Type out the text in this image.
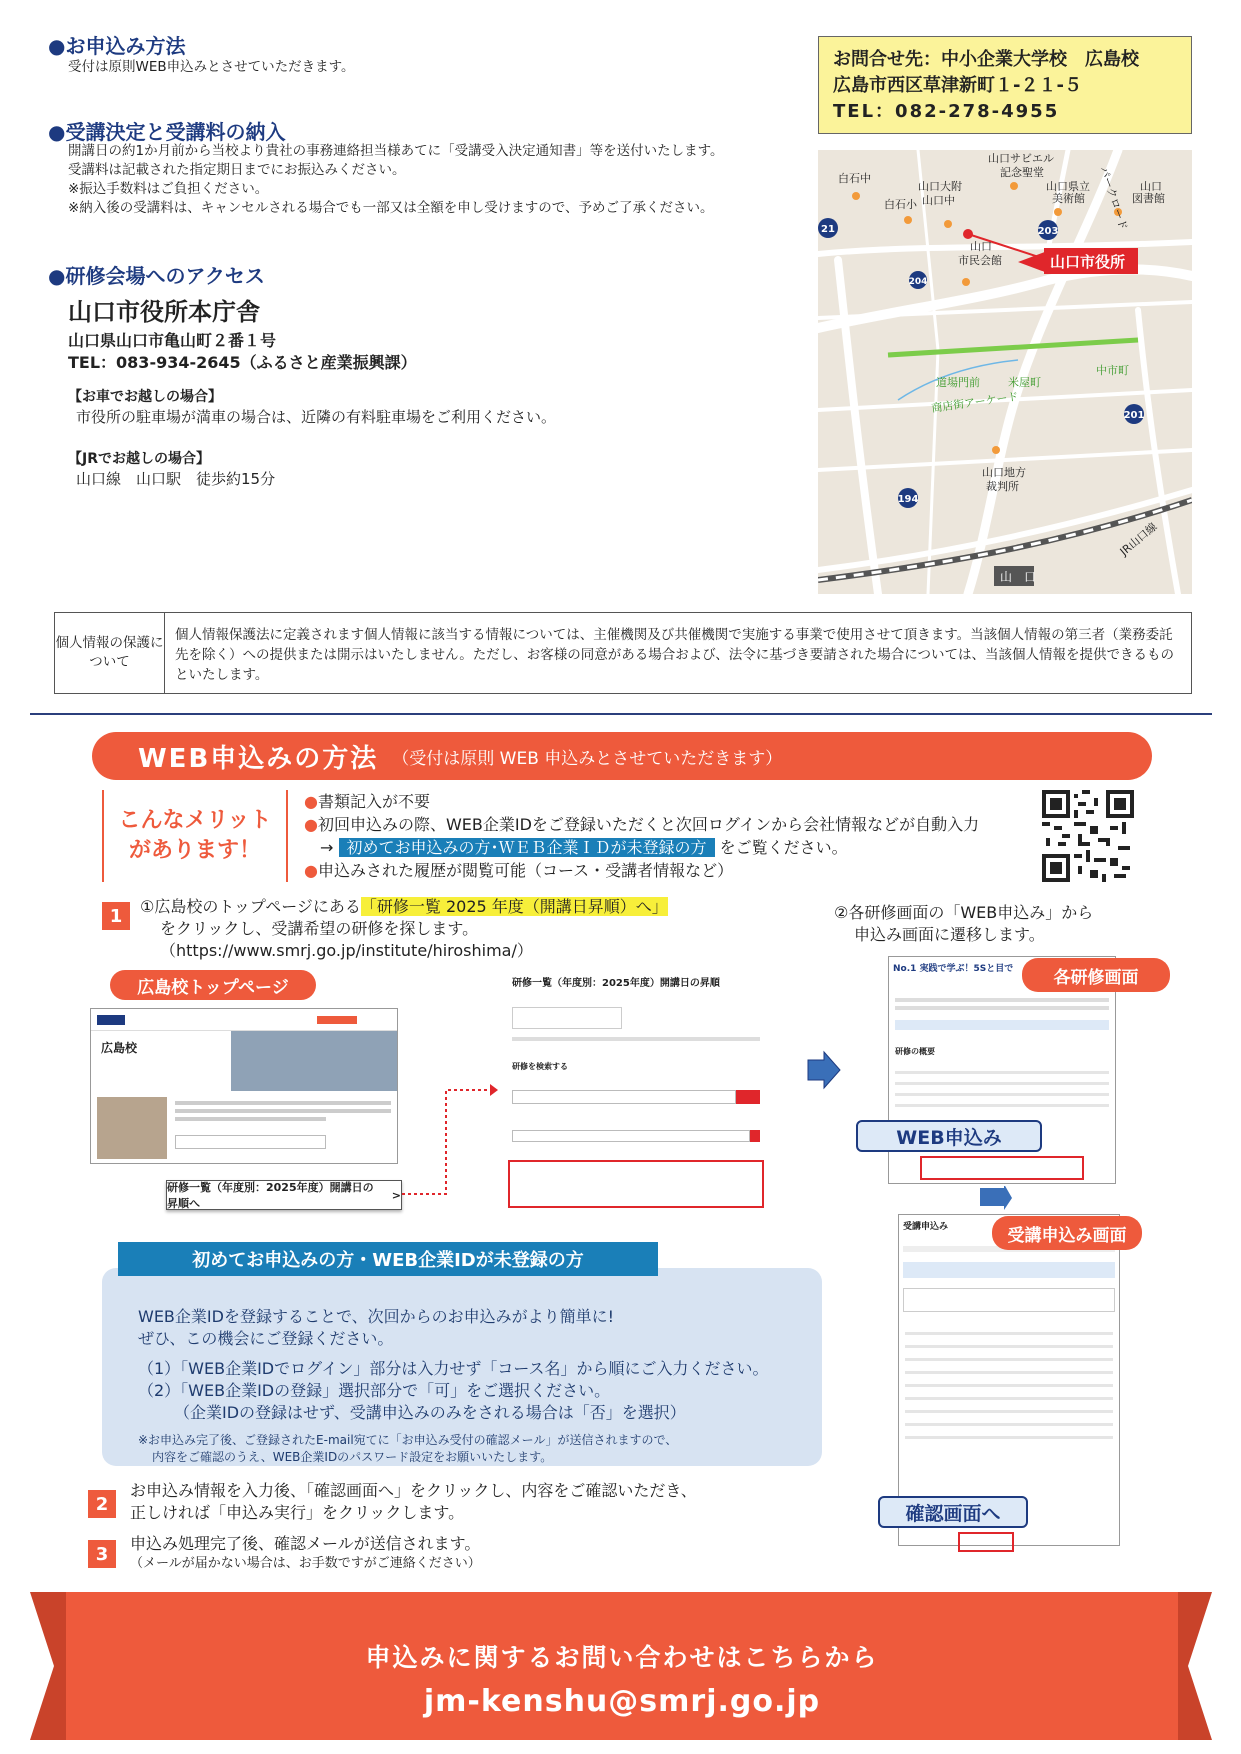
●お申込み方法
受付は原則WEB申込みとさせていただきます。
●受講決定と受講料の納入
開講日の約1か月前から当校より貴社の事務連絡担当様あてに「受講受入決定通知書」等を送付いたします。
受講料は記載された指定期日までにお振込みください。
※振込手数料はご負担ください。
※納入後の受講料は、キャンセルされる場合でも一部又は全額を申し受けますので、予めご了承ください。
●研修会場へのアクセス
山口市役所本庁舎
山口県山口市亀山町２番１号
TEL：083-934-2645（ふるさと産業振興課）
【お車でお越しの場合】
市役所の駐車場が満車の場合は、近隣の有料駐車場をご利用ください。
【JRでお越しの場合】
山口線　山口駅　徒歩約15分
お問合せ先：中小企業大学校　広島校
広島市西区草津新町１-２１-５
TEL：082-278-4955
白石中
白石小
山口大附
山口中
山口サビエル
記念聖堂
山口県立
美術館
山口
図書館
パークロード
山口
市民会館
米屋町
中市町
道場門前
商店街アーケード
山口地方
裁判所
JR山口線
山　口
山口市役所
21	203
204
201
194
個人情報の保護について
個人情報保護法に定義されます個人情報に該当する情報については、主催機関及び共催機関で実施する事業で使用させて頂きます。当該個人情報の第三者（業務委託先を除く）への提供または開示はいたしません。ただし、お客様の同意がある場合および、法令に基づき要請された場合については、当該個人情報を提供できるものといたします。
WEB申込みの方法 （受付は原則 WEB 申込みとさせていただきます）
こんなメリットがあります！
●書類記入が不要
●初回申込みの際、WEB企業IDをご登録いただくと次回ログインから会社情報などが自動入力
→ 初めてお申込みの方･ＷＥＢ企業ＩＤが未登録の方 をご覧ください。
●申込みされた履歴が閲覧可能（コース・受講者情報など）
1	①広島校のトップページにある「研修一覧 2025 年度（開講日昇順）へ」
をクリックし、受講希望の研修を探します。
（https://www.smrj.go.jp/institute/hiroshima/）
②各研修画面の「WEB申込み」から
申込み画面に遷移します。
広島校トップページ
広島校
研修一覧（年度別：2025年度）開講日の昇順へ
>
研修一覧（年度別：2025年度）開講日の昇順
研修を検索する
No.1 実践で学ぶ！5Sと目で
研修の概要
各研修画面
WEB申込み
受講申込み	受講申込み画面
確認画面へ
WEB企業IDを登録することで、次回からのお申込みがより簡単に!
ぜひ、この機会にご登録ください。
（1）「WEB企業IDでログイン」部分は入力せず「コース名」から順にご入力ください。
（2）「WEB企業IDの登録」選択部分で「可」をご選択ください。
（企業IDの登録はせず、受講申込みのみをされる場合は「否」を選択）
※お申込み完了後、ご登録されたE-mail宛てに「お申込み受付の確認メール」が送信されますので、
内容をご確認のうえ、WEB企業IDのパスワード設定をお願いいたします。
初めてお申込みの方・WEB企業IDが未登録の方
2
お申込み情報を入力後、「確認画面へ」をクリックし、内容をご確認いただき、
正しければ「申込み実行」をクリックします。
3	申込み処理完了後、確認メールが送信されます。
（メールが届かない場合は、お手数ですがご連絡ください）
申込みに関するお問い合わせはこちらから
jm-kenshu@smrj.go.jp
